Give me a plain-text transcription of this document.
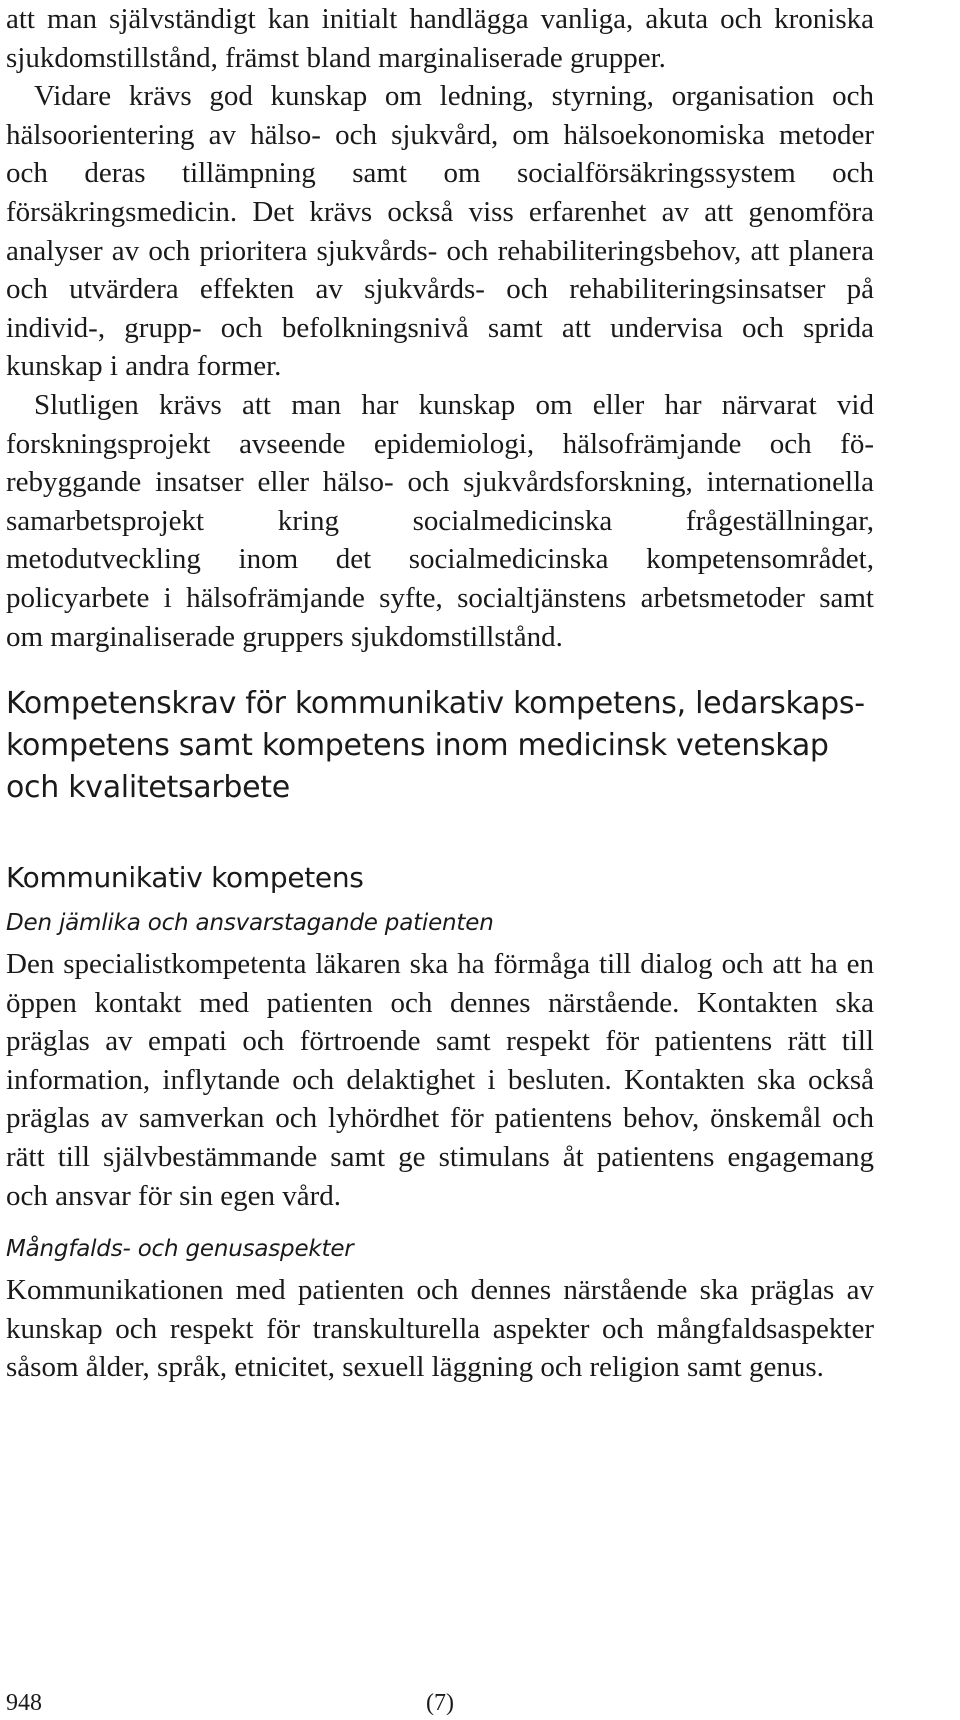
att man självständigt kan initialt handlägga vanliga, akuta och kroniska sjukdomstillstånd, främst bland marginaliserade grupper.

Vidare krävs god kunskap om ledning, styrning, organisation och hälsoorientering av hälso- och sjukvård, om hälsoekonomiska metoder och deras tillämpning samt om socialförsäkringssystem och försäkringsmedicin. Det krävs också viss erfarenhet av att genomföra analyser av och prioritera sjukvårds- och rehabiliteringsbehov, att planera och utvärdera effekten av sjukvårds- och rehabiliteringsinsatser på individ-, grupp- och befolkningsnivå samt att undervisa och sprida kunskap i andra former.

Slutligen krävs att man har kunskap om eller har närvarat vid forskningsprojekt avseende epidemiologi, hälsofrämjande och förebyggande insatser eller hälso- och sjukvårdsforskning, internationella samarbetsprojekt kring socialmedicinska frågeställningar, metodutveckling inom det socialmedicinska kompetensområdet, policyarbete i hälsofrämjande syfte, socialtjänstens arbetsmetoder samt om marginaliserade gruppers sjukdomstillstånd.

Kompetenskrav för kommunikativ kompetens, ledarskapskompetens samt kompetens inom medicinsk vetenskap och kvalitetsarbete
Kommunikativ kompetens
Den jämlika och ansvarstagande patienten

Den specialistkompetenta läkaren ska ha förmåga till dialog och att ha en öppen kontakt med patienten och dennes närstående. Kontakten ska präglas av empati och förtroende samt respekt för patientens rätt till information, inflytande och delaktighet i besluten. Kontakten ska också präglas av samverkan och lyhördhet för patientens behov, önskemål och rätt till självbestämmande samt ge stimulans åt patientens engagemang och ansvar för sin egen vård.

Mångfalds- och genusaspekter

Kommunikationen med patienten och dennes närstående ska präglas av kunskap och respekt för transkulturella aspekter och mångfaldsaspekter såsom ålder, språk, etnicitet, sexuell läggning och religion samt genus.

948	(7)
